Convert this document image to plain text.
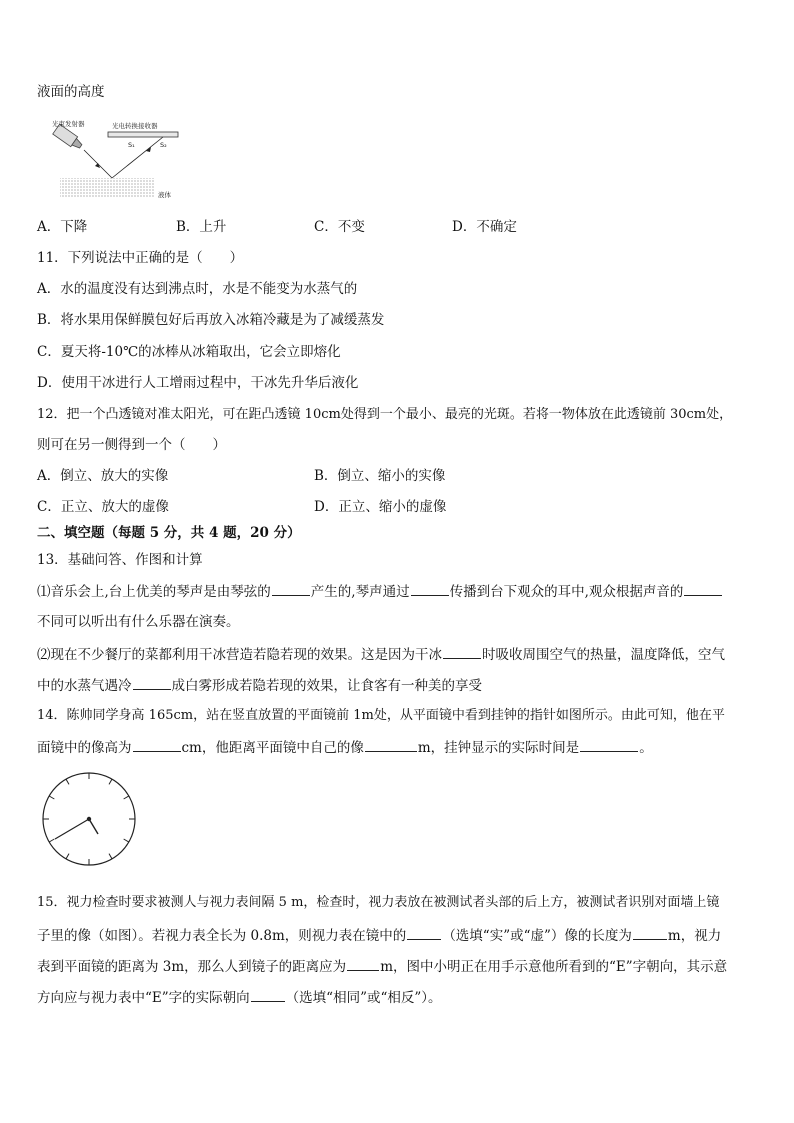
液面的高度
光束发射器	光电转换接收器
S₁	S₂
液体
A．下降	B．上升	C．不变	D．不确定
11．下列说法中正确的是（　　）
A．水的温度没有达到沸点时，水是不能变为水蒸气的
B．将水果用保鲜膜包好后再放入冰箱冷藏是为了减缓蒸发
C．夏天将-10℃的冰棒从冰箱取出，它会立即熔化
D．使用干冰进行人工增雨过程中，干冰先升华后液化
12．把一个凸透镜对准太阳光，可在距凸透镜 10cm处得到一个最小、最亮的光斑。若将一物体放在此透镜前 30cm处，
则可在另一侧得到一个（　　）
A．倒立、放大的实像	B．倒立、缩小的实像
C．正立、放大的虚像	D．正立、缩小的虚像
二、填空题（每题 5 分，共 4 题，20 分）
13．基础问答、作图和计算
⑴音乐会上,台上优美的琴声是由琴弦的	产生的,琴声通过	传播到台下观众的耳中,观众根据声音的
不同可以听出有什么乐器在演奏。
⑵现在不少餐厅的菜都利用干冰营造若隐若现的效果。这是因为干冰	时吸收周围空气的热量，温度降低，空气
中的水蒸气遇冷	成白雾形成若隐若现的效果，让食客有一种美的享受
14．陈帅同学身高 165cm，站在竖直放置的平面镜前 1m处，从平面镜中看到挂钟的指针如图所示。由此可知，他在平
面镜中的像高为	cm，他距离平面镜中自己的像	m，挂钟显示的实际时间是	。
15．视力检查时要求被测人与视力表间隔 5 m，检查时，视力表放在被测试者头部的后上方，被测试者识别对面墙上镜
子里的像（如图）。若视力表全长为 0.8m，则视力表在镜中的	（选填“实”或“虚”）像的长度为	m，视力
表到平面镜的距离为 3m，那么人到镜子的距离应为	m，图中小明正在用手示意他所看到的“E”字朝向，其示意
方向应与视力表中“E”字的实际朝向	（选填“相同”或“相反”）。
